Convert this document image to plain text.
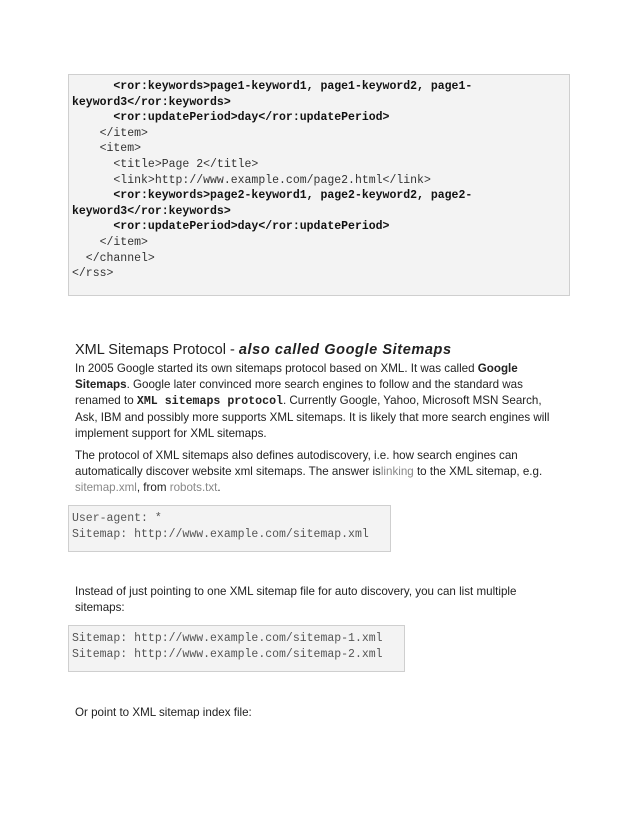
<ror:keywords>page1-keyword1, page1-keyword2, page1-
keyword3</ror:keywords>
<ror:updatePeriod>day</ror:updatePeriod>
</item>
<item>
<title>Page 2</title>
<link>http://www.example.com/page2.html</link>
<ror:keywords>page2-keyword1, page2-keyword2, page2-
keyword3</ror:keywords>
<ror:updatePeriod>day</ror:updatePeriod>
</item>
</channel>
</rss>
XML Sitemaps Protocol - also called Google Sitemaps
In 2005 Google started its own sitemaps protocol based on XML. It was called Google Sitemaps. Google later convinced more search engines to follow and the standard was renamed to XML sitemaps protocol. Currently Google, Yahoo, Microsoft MSN Search, Ask, IBM and possibly more supports XML sitemaps. It is likely that more search engines will implement support for XML sitemaps.
The protocol of XML sitemaps also defines autodiscovery, i.e. how search engines can automatically discover website xml sitemaps. The answer islinking to the XML sitemap, e.g. sitemap.xml, from robots.txt.
User-agent: *
Sitemap: http://www.example.com/sitemap.xml
Instead of just pointing to one XML sitemap file for auto discovery, you can list multiple sitemaps:
Sitemap: http://www.example.com/sitemap-1.xml
Sitemap: http://www.example.com/sitemap-2.xml
Or point to XML sitemap index file:
